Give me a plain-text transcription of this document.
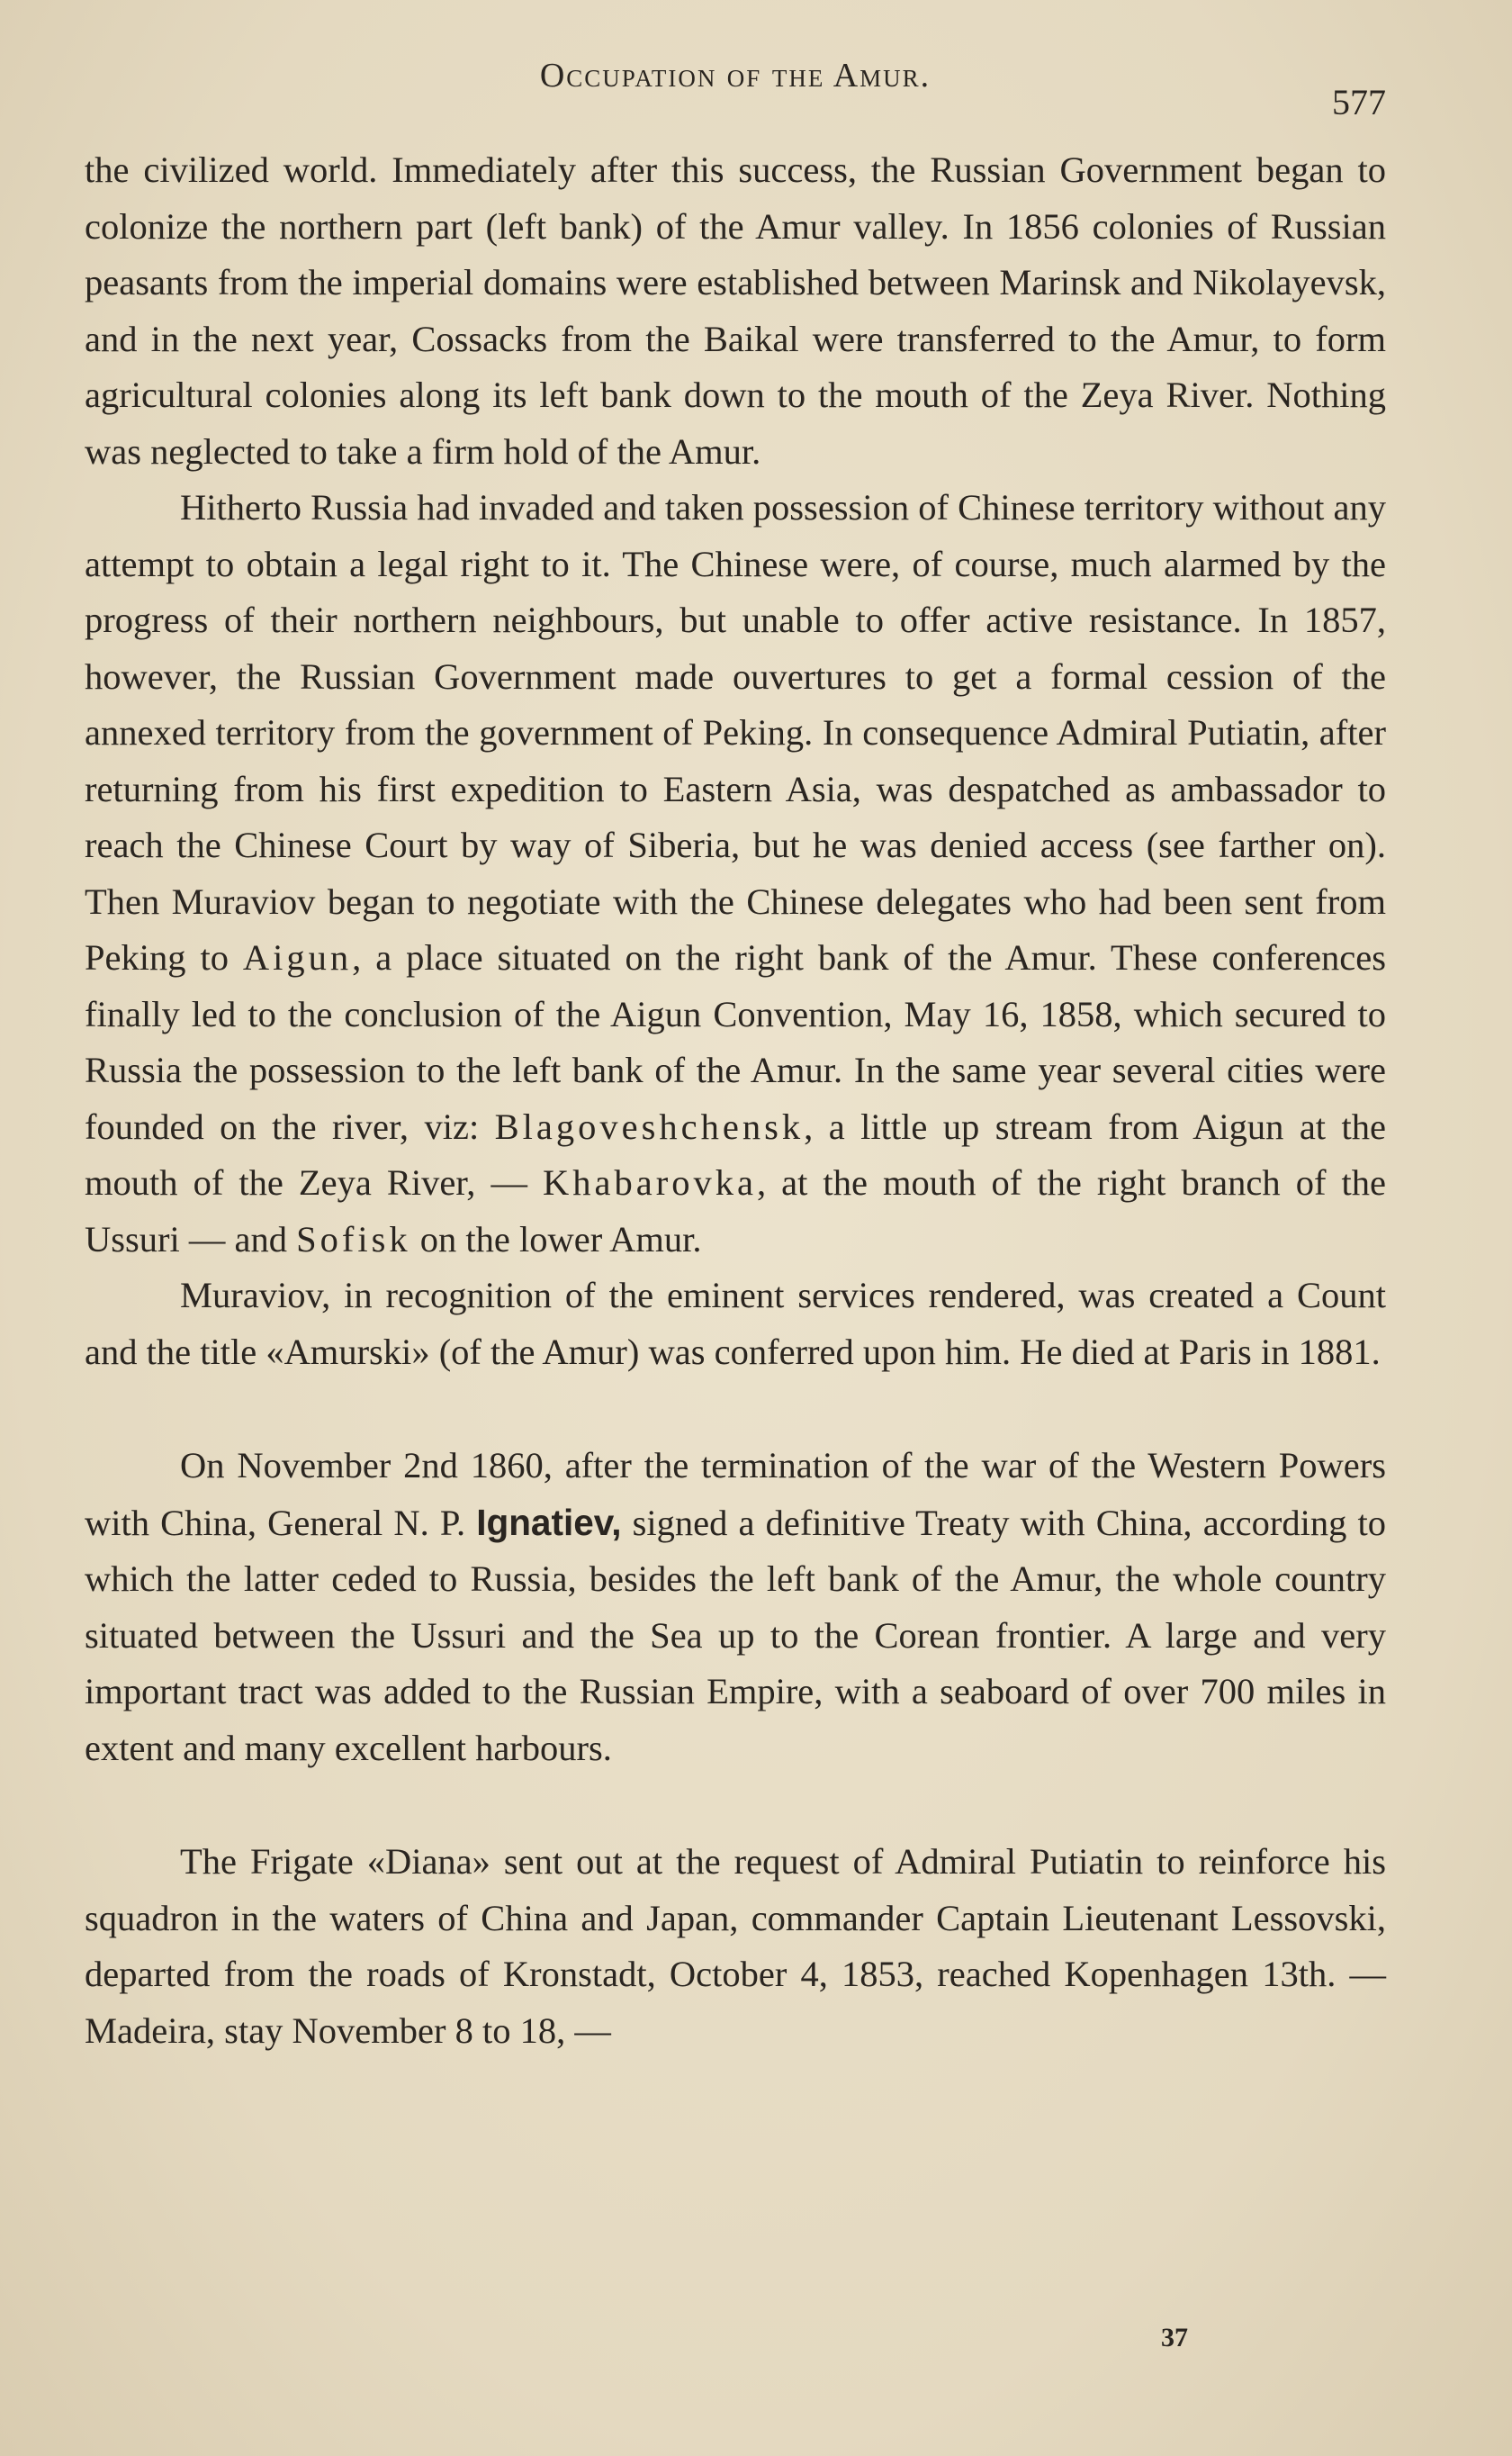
Occupation of the Amur.
577

the civilized world. Immediately after this success, the Russian Government began to colonize the northern part (left bank) of the Amur valley. In 1856 colonies of Russian peasants from the imperial domains were established between Marinsk and Nikolayevsk, and in the next year, Cossacks from the Baikal were transferred to the Amur, to form agricultural colonies along its left bank down to the mouth of the Zeya River. Nothing was neglected to take a firm hold of the Amur.

Hitherto Russia had invaded and taken possession of Chinese territory without any attempt to obtain a legal right to it. The Chinese were, of course, much alarmed by the progress of their northern neighbours, but unable to offer active resistance. In 1857, however, the Russian Government made ouvertures to get a formal cession of the annexed territory from the government of Peking. In consequence Admiral Putiatin, after returning from his first expedition to Eastern Asia, was despatched as ambassador to reach the Chinese Court by way of Siberia, but he was denied access (see farther on). Then Muraviov began to negotiate with the Chinese delegates who had been sent from Peking to Aigun, a place situated on the right bank of the Amur. These conferences finally led to the conclusion of the Aigun Convention, May 16, 1858, which secured to Russia the possession to the left bank of the Amur. In the same year several cities were founded on the river, viz: Blagoveshchensk, a little up stream from Aigun at the mouth of the Zeya River, — Khabarovka, at the mouth of the right branch of the Ussuri — and Sofisk on the lower Amur.

Muraviov, in recognition of the eminent services rendered, was created a Count and the title «Amurski» (of the Amur) was conferred upon him. He died at Paris in 1881.

On November 2nd 1860, after the termination of the war of the Western Powers with China, General N. P. Ignatiev, signed a definitive Treaty with China, according to which the latter ceded to Russia, besides the left bank of the Amur, the whole country situated between the Ussuri and the Sea up to the Corean frontier. A large and very important tract was added to the Russian Empire, with a seaboard of over 700 miles in extent and many excellent harbours.

The Frigate «Diana» sent out at the request of Admiral Putiatin to reinforce his squadron in the waters of China and Japan, commander Captain Lieutenant Lessovski, departed from the roads of Kronstadt, October 4, 1853, reached Kopenhagen 13th. — Madeira, stay November 8 to 18, —

37
